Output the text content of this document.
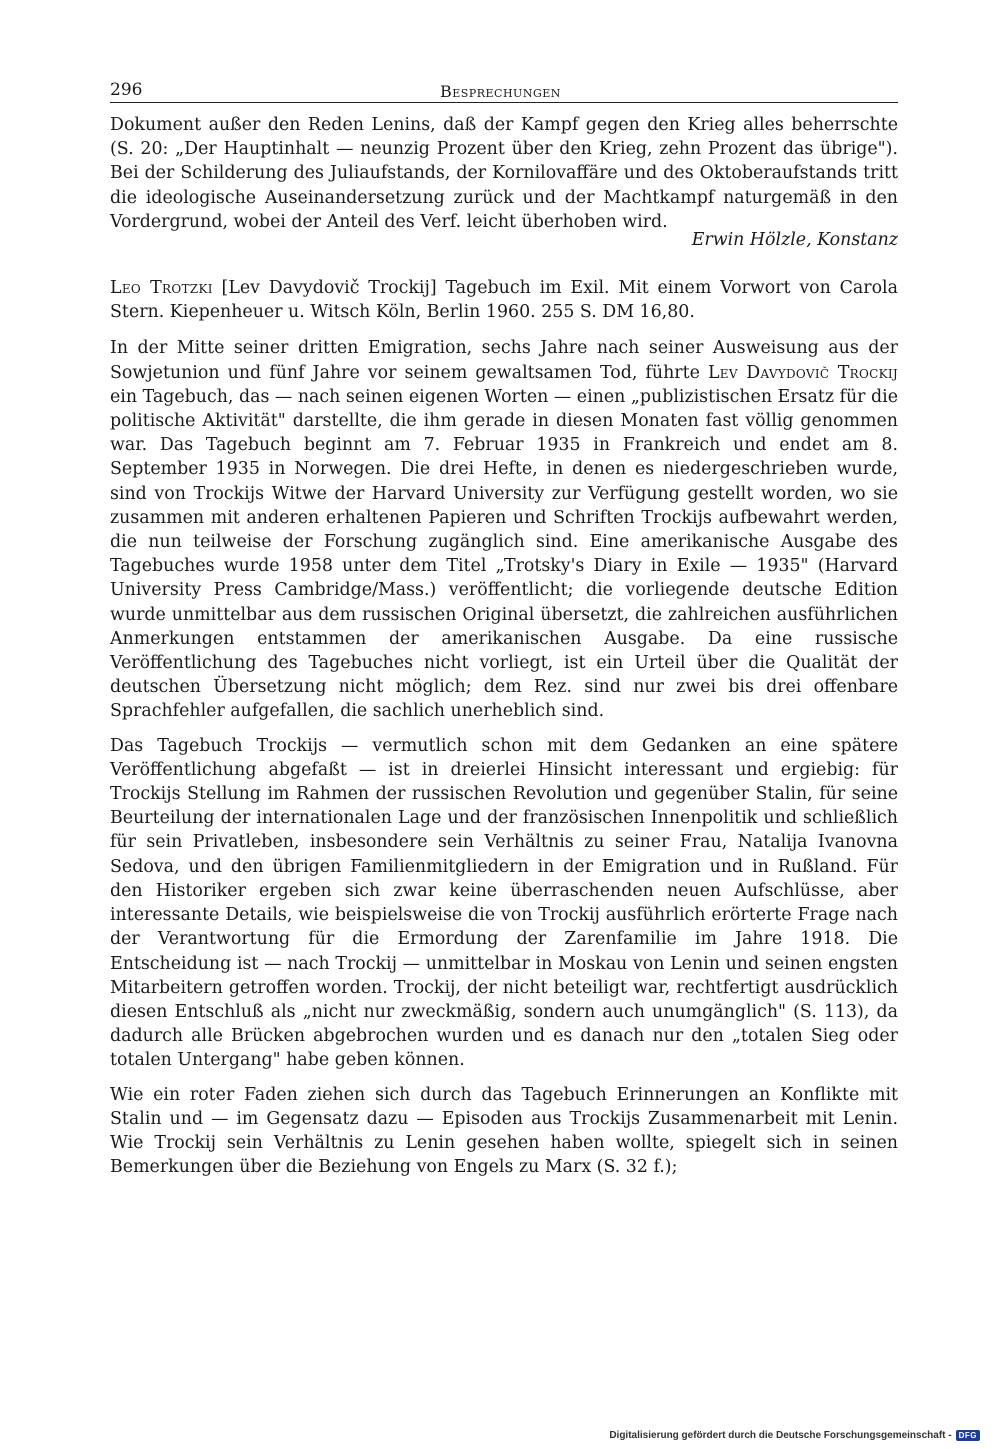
296	Besprechungen

Dokument außer den Reden Lenins, daß der Kampf gegen den Krieg alles beherrschte (S. 20: „Der Hauptinhalt — neunzig Prozent über den Krieg, zehn Prozent das übrige"). Bei der Schilderung des Juliaufstands, der Kornilovaffäre und des Oktoberaufstands tritt die ideologische Auseinandersetzung zurück und der Machtkampf naturgemäß in den Vordergrund, wobei der Anteil des Verf. leicht überhoben wird.

Erwin Hölzle, Konstanz

Leo Trotzki [Lev Davydovič Trockij] Tagebuch im Exil. Mit einem Vorwort von Carola Stern. Kiepenheuer u. Witsch Köln, Berlin 1960. 255 S. DM 16,80.

In der Mitte seiner dritten Emigration, sechs Jahre nach seiner Ausweisung aus der Sowjetunion und fünf Jahre vor seinem gewaltsamen Tod, führte Lev Davydovič Trockij ein Tagebuch, das — nach seinen eigenen Worten — einen „publizistischen Ersatz für die politische Aktivität" darstellte, die ihm gerade in diesen Monaten fast völlig genommen war. Das Tagebuch beginnt am 7. Februar 1935 in Frankreich und endet am 8. September 1935 in Norwegen. Die drei Hefte, in denen es niedergeschrieben wurde, sind von Trockijs Witwe der Harvard University zur Verfügung gestellt worden, wo sie zusammen mit anderen erhaltenen Papieren und Schriften Trockijs aufbewahrt werden, die nun teilweise der Forschung zugänglich sind. Eine amerikanische Ausgabe des Tagebuches wurde 1958 unter dem Titel „Trotsky's Diary in Exile — 1935" (Harvard University Press Cambridge/Mass.) veröffentlicht; die vorliegende deutsche Edition wurde unmittelbar aus dem russischen Original übersetzt, die zahlreichen ausführlichen Anmerkungen entstammen der amerikanischen Ausgabe. Da eine russische Veröffentlichung des Tagebuches nicht vorliegt, ist ein Urteil über die Qualität der deutschen Übersetzung nicht möglich; dem Rez. sind nur zwei bis drei offenbare Sprachfehler aufgefallen, die sachlich unerheblich sind.

Das Tagebuch Trockijs — vermutlich schon mit dem Gedanken an eine spätere Veröffentlichung abgefaßt — ist in dreierlei Hinsicht interessant und ergiebig: für Trockijs Stellung im Rahmen der russischen Revolution und gegenüber Stalin, für seine Beurteilung der internationalen Lage und der französischen Innenpolitik und schließlich für sein Privatleben, insbesondere sein Verhältnis zu seiner Frau, Natalija Ivanovna Sedova, und den übrigen Familienmitgliedern in der Emigration und in Rußland. Für den Historiker ergeben sich zwar keine überraschenden neuen Aufschlüsse, aber interessante Details, wie beispielsweise die von Trockij ausführlich erörterte Frage nach der Verantwortung für die Ermordung der Zarenfamilie im Jahre 1918. Die Entscheidung ist — nach Trockij — unmittelbar in Moskau von Lenin und seinen engsten Mitarbeitern getroffen worden. Trockij, der nicht beteiligt war, rechtfertigt ausdrücklich diesen Entschluß als „nicht nur zweckmäßig, sondern auch unumgänglich" (S. 113), da dadurch alle Brücken abgebrochen wurden und es danach nur den „totalen Sieg oder totalen Untergang" habe geben können.

Wie ein roter Faden ziehen sich durch das Tagebuch Erinnerungen an Konflikte mit Stalin und — im Gegensatz dazu — Episoden aus Trockijs Zusammenarbeit mit Lenin. Wie Trockij sein Verhältnis zu Lenin gesehen haben wollte, spiegelt sich in seinen Bemerkungen über die Beziehung von Engels zu Marx (S. 32 f.);

Digitalisierung gefördert durch die Deutsche Forschungsgemeinschaft - DFG
